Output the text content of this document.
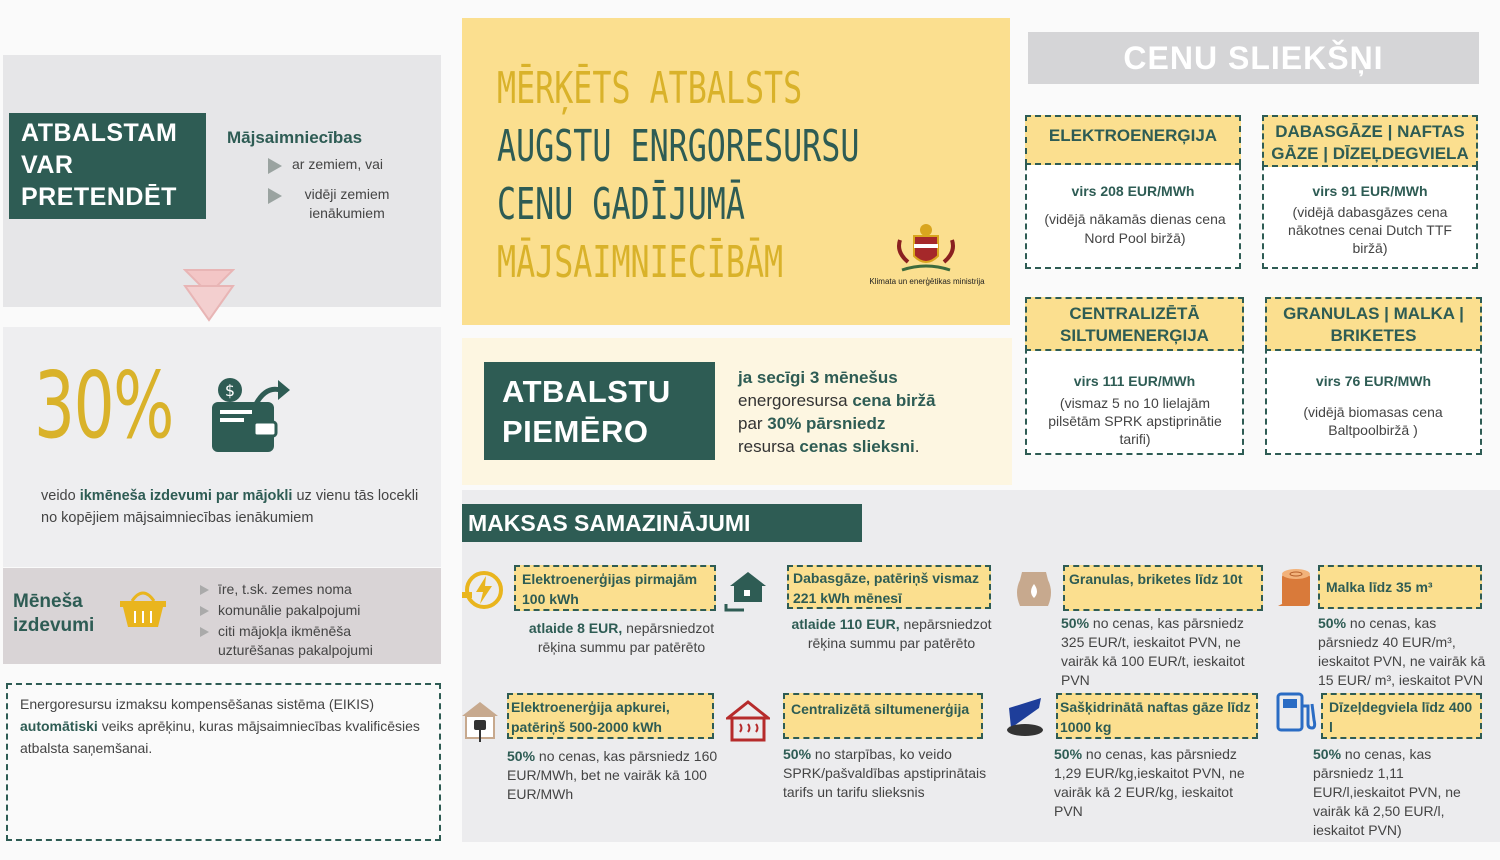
ATBALSTAM VAR PRETENDĒT
Mājsaimniecības
ar zemiem, vai
vidēji zemiem ienākumiem
30%	$
veido ikmēneša izdevumi par mājokli uz vienu tās locekli no kopējiem mājsaimniecības ienākumiem
Mēneša izdevumi
īre, t.sk. zemes noma
komunālie pakalpojumi
citi mājokļa ikmēnēša uzturēšanas pakalpojumi
Energoresursu izmaksu kompensēšanas sistēma (EIKIS) automātiski veiks aprēķinu, kuras mājsaimniecības kvalificēsies atbalsta saņemšanai.
MĒRĶĒTS ATBALSTS
AUGSTU ENRGORESURSU
CENU GADĪJUMĀ
MĀJSAIMNIECĪBĀM	Klimata un enerģētikas ministrija
ATBALSTU PIEMĒRO
ja secīgi 3 mēnešus
energoresursa cena biržā
par 30% pārsniedz
resursa cenas slieksni.
CENU SLIEKŠŅI
ELEKTROENERĢIJA
virs 208 EUR/MWh
(vidējā nākamās dienas cena Nord Pool biržā)
DABASGĀZE | NAFTAS GĀZE | DĪZEĻDEGVIELA
virs 91 EUR/MWh
(vidējā dabasgāzes cena nākotnes cenai Dutch TTF biržā)
CENTRALIZĒTĀ SILTUMENERĢIJA
virs 111 EUR/MWh
(vismaz 5 no 10 lielajām pilsētām SPRK apstiprinātie tarifi)
GRANULAS | MALKA | BRIKETES
virs 76 EUR/MWh
(vidējā biomasas cena Baltpoolbiržā )
MAKSAS SAMAZINĀJUMI
Elektroenerģijas pirmajām 100 kWh
atlaide 8 EUR, nepārsniedzot rēķina summu par patērēto
Dabasgāze, patēriņš vismaz 221 kWh mēnesī
atlaide 110 EUR, nepārsniedzot rēķina summu par patērēto
Granulas, briketes līdz 10t
50% no cenas, kas pārsniedz 325 EUR/t, ieskaitot PVN, ne vairāk kā 100 EUR/t, ieskaitot PVN
Malka līdz 35 m³
50% no cenas, kas pārsniedz 40 EUR/m³, ieskaitot PVN, ne vairāk kā 15 EUR/ m³, ieskaitot PVN
Elektroenerģija apkurei, patēriņš 500-2000 kWh
50% no cenas, kas pārsniedz 160 EUR/MWh, bet ne vairāk kā 100 EUR/MWh
Centralizētā siltumenerģija
50% no starpības, ko veido SPRK/pašvaldības apstiprinātais tarifs un tarifu slieksnis
Sašķidrinātā naftas gāze līdz 1000 kg
50% no cenas, kas pārsniedz 1,29 EUR/kg,ieskaitot PVN, ne vairāk kā 2 EUR/kg, ieskaitot PVN
Dīzeļdegviela līdz 400 l
50% no cenas, kas pārsniedz 1,11 EUR/l,ieskaitot PVN, ne vairāk kā 2,50 EUR/l, ieskaitot PVN)
